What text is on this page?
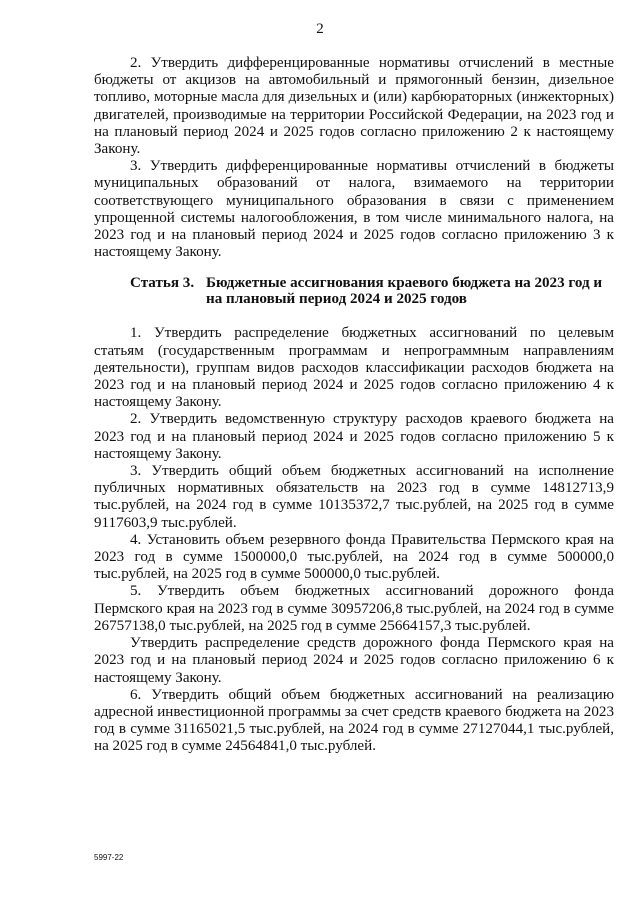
2

2. Утвердить дифференцированные нормативы отчислений в местные бюджеты от акцизов на автомобильный и прямогонный бензин, дизельное топливо, моторные масла для дизельных и (или) карбюраторных (инжекторных) двигателей, производимые на территории Российской Федерации, на 2023 год и на плановый период 2024 и 2025 годов согласно приложению 2 к настоящему Закону.

3. Утвердить дифференцированные нормативы отчислений в бюджеты муниципальных образований от налога, взимаемого на территории соответствующего муниципального образования в связи с применением упрощенной системы налогообложения, в том числе минимального налога, на 2023 год и на плановый период 2024 и 2025 годов согласно приложению 3 к настоящему Закону.

Статья 3. Бюджетные ассигнования краевого бюджета на 2023 год и на плановый период 2024 и 2025 годов

1. Утвердить распределение бюджетных ассигнований по целевым статьям (государственным программам и непрограммным направлениям деятельности), группам видов расходов классификации расходов бюджета на 2023 год и на плановый период 2024 и 2025 годов согласно приложению 4 к настоящему Закону.

2. Утвердить ведомственную структуру расходов краевого бюджета на 2023 год и на плановый период 2024 и 2025 годов согласно приложению 5 к настоящему Закону.

3. Утвердить общий объем бюджетных ассигнований на исполнение публичных нормативных обязательств на 2023 год в сумме 14812713,9 тыс.рублей, на 2024 год в сумме 10135372,7 тыс.рублей, на 2025 год в сумме 9117603,9 тыс.рублей.

4. Установить объем резервного фонда Правительства Пермского края на 2023 год в сумме 1500000,0 тыс.рублей, на 2024 год в сумме 500000,0 тыс.рублей, на 2025 год в сумме 500000,0 тыс.рублей.

5. Утвердить объем бюджетных ассигнований дорожного фонда Пермского края на 2023 год в сумме 30957206,8 тыс.рублей, на 2024 год в сумме 26757138,0 тыс.рублей, на 2025 год в сумме 25664157,3 тыс.рублей.

Утвердить распределение средств дорожного фонда Пермского края на 2023 год и на плановый период 2024 и 2025 годов согласно приложению 6 к настоящему Закону.

6. Утвердить общий объем бюджетных ассигнований на реализацию адресной инвестиционной программы за счет средств краевого бюджета на 2023 год в сумме 31165021,5 тыс.рублей, на 2024 год в сумме 27127044,1 тыс.рублей, на 2025 год в сумме 24564841,0 тыс.рублей.

5997-22
